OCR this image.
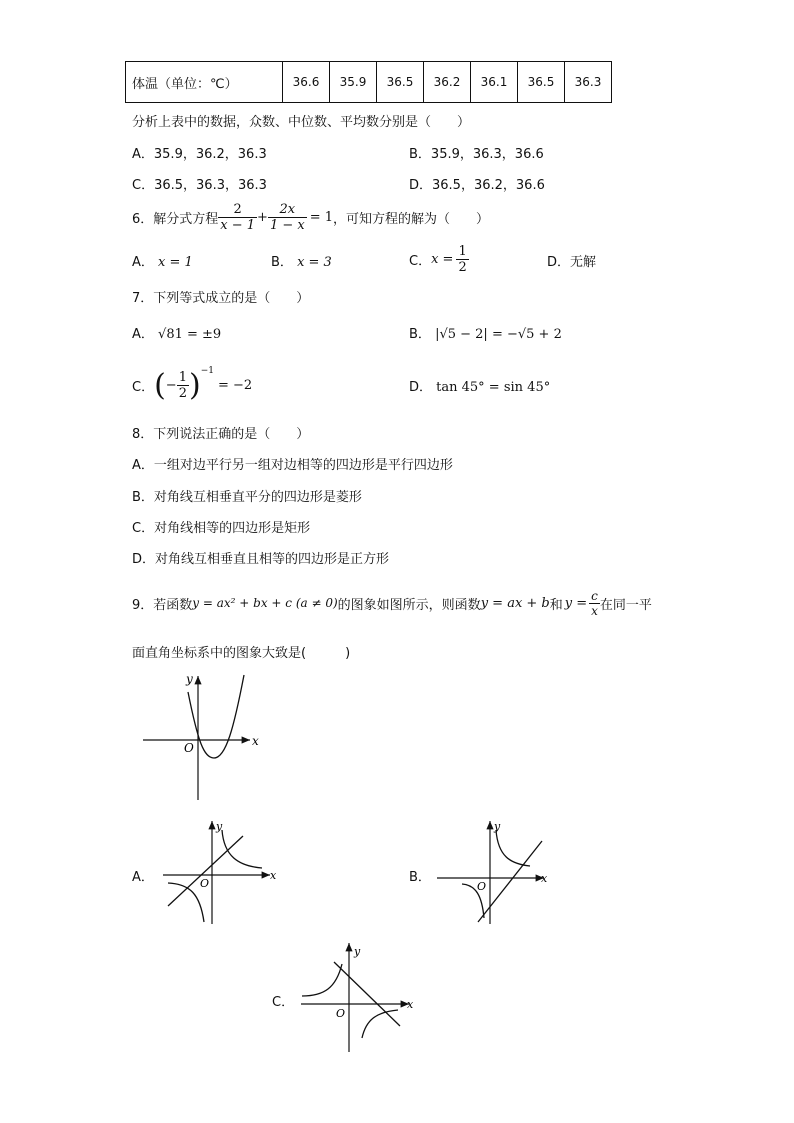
体温（单位：℃）	36.6	35.9	36.5	36.2	36.1	36.5	36.3
分析上表中的数据，众数、中位数、平均数分别是（　　）
A．35.9，36.2，36.3	B．35.9，36.3，36.6
C．36.5，36.3，36.3	D．36.5，36.2，36.6
6．解分式方程 $\frac{2}{x - 1} + \frac{2x}{1 - x} = 1$ ，可知方程的解为（　　）
A． x = 1	B． x = 3	C． $x = \frac{1}{2}$	D．无解
7．下列等式成立的是（　　）
A． √81 = ±9	B． |√5 − 2| = −√5 + 2
C． ( − $\frac{1}{2}$ ) −1
= −2	D． tan 45° = sin 45°
8．下列说法正确的是（　　）
A．一组对边平行另一组对边相等的四边形是平行四边形
B．对角线互相垂直平分的四边形是菱形
C．对角线相等的四边形是矩形
D．对角线互相垂直且相等的四边形是正方形
9．若函数 y = ax² + bx + c (a ≠ 0) 的图象如图所示，则函数 y = ax + b 和 $y = \frac{c}{x}$ 在同一平
面直角坐标系中的图象大致是(　　　)
x
y
O
A．	x
y
O	B．	x
y
O
C．	x
y
O
